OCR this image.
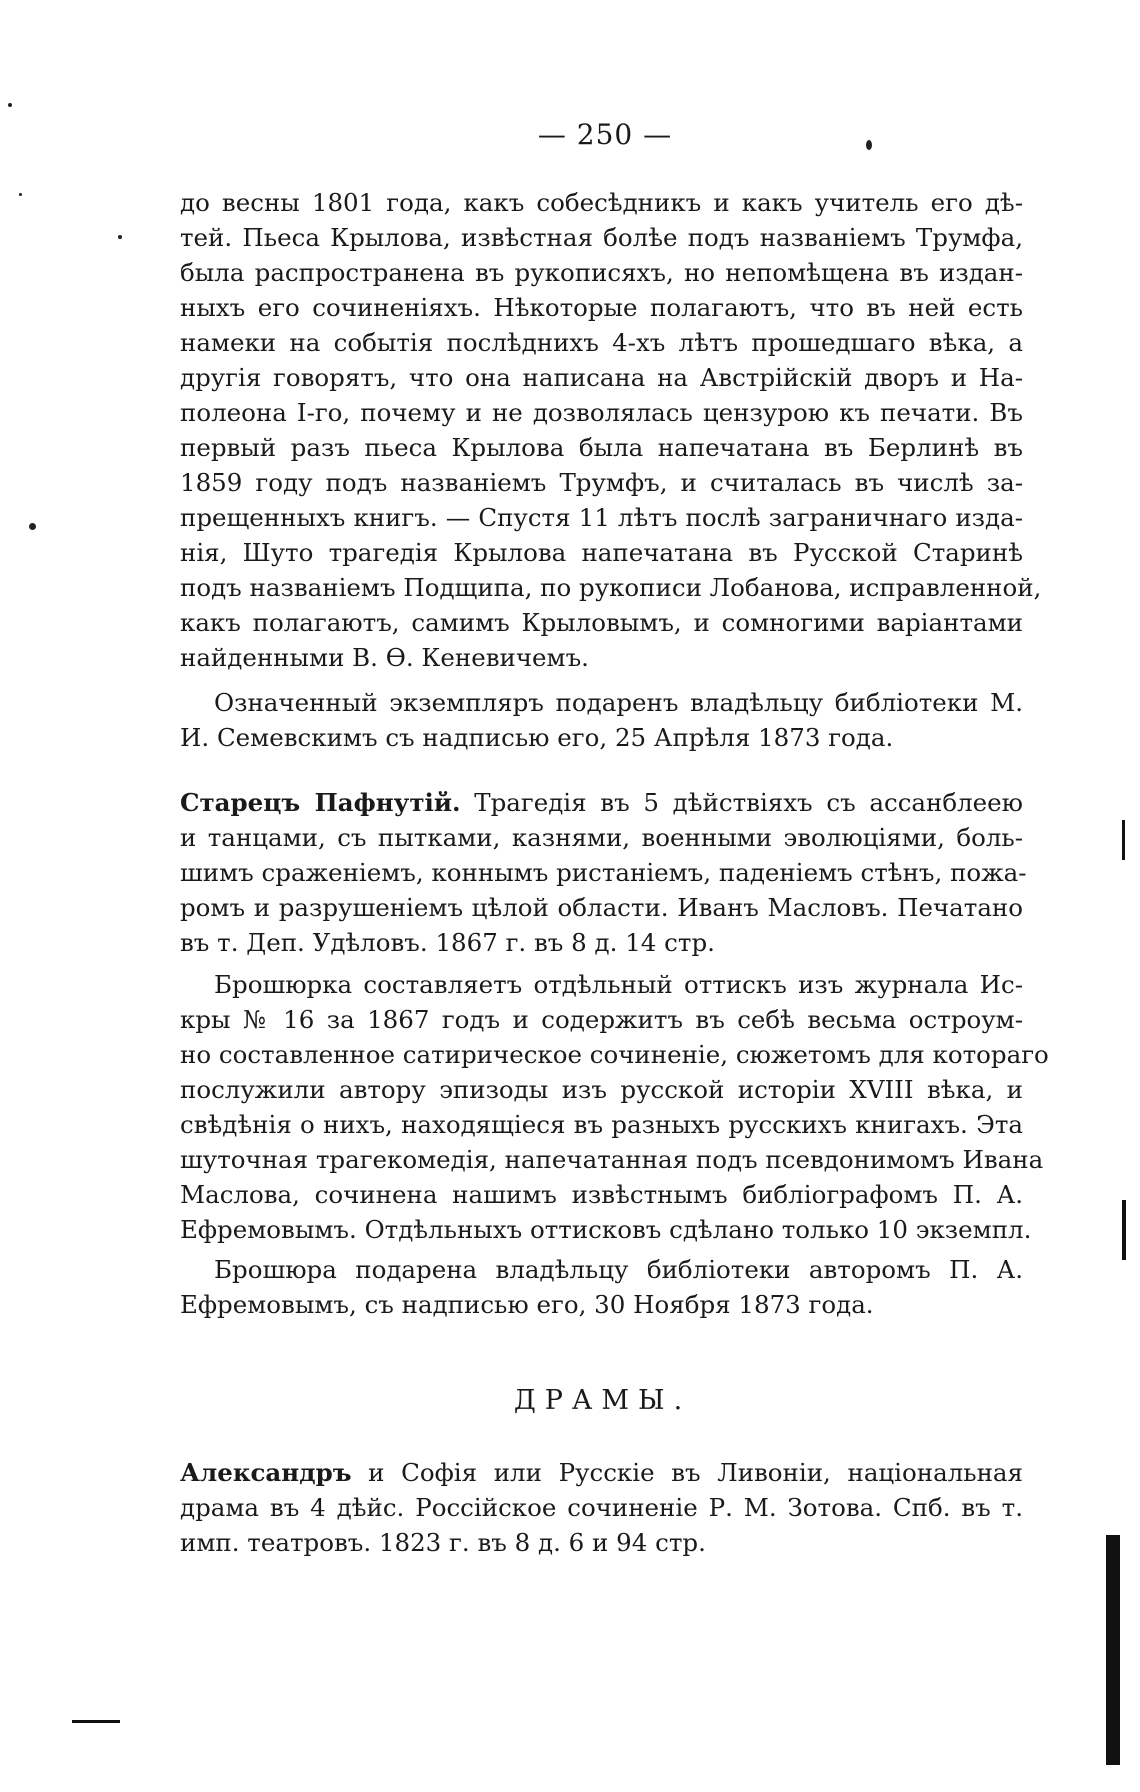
— 250 —
до весны 1801 года, какъ собесѣдникъ и какъ учитель его дѣ-
тей. Пьеса Крылова, извѣстная болѣе подъ названіемъ Трумфа,
была распространена въ рукописяхъ, но непомѣщена въ издан-
ныхъ его сочиненіяхъ. Нѣкоторые полагаютъ, что въ ней есть
намеки на событія послѣднихъ 4-хъ лѣтъ прошедшаго вѣка, а
другія говорятъ, что она написана на Австрійскій дворъ и На-
полеона I-го, почему и не дозволялась цензурою къ печати. Въ
первый разъ пьеса Крылова была напечатана въ Берлинѣ въ
1859 году подъ названіемъ Трумфъ, и считалась въ числѣ за-
прещенныхъ книгъ. — Спустя 11 лѣтъ послѣ заграничнаго изда-
нія, Шуто трагедія Крылова напечатана въ Русской Старинѣ
подъ названіемъ Подщипа, по рукописи Лобанова, исправленной,
какъ полагаютъ, самимъ Крыловымъ, и сомногими варіантами
найденными В. Ѳ. Кеневичемъ.
Означенный экземпляръ подаренъ владѣльцу библіотеки М.
И. Семевскимъ съ надписью его, 25 Апрѣля 1873 года.
Старецъ Пафнутій. Трагедія въ 5 дѣйствіяхъ съ ассанблеею
и танцами, съ пытками, казнями, военными эволюціями, боль-
шимъ сраженіемъ, коннымъ ристаніемъ, паденіемъ стѣнъ, пожа-
ромъ и разрушеніемъ цѣлой области. Иванъ Масловъ. Печатано
въ т. Деп. Удѣловъ. 1867 г. въ 8 д. 14 стр.
Брошюрка составляетъ отдѣльный оттискъ изъ журнала Ис-
кры № 16 за 1867 годъ и содержитъ въ себѣ весьма остроум-
но составленное сатирическое сочиненіе, сюжетомъ для котораго
послужили автору эпизоды изъ русской исторіи XVIII вѣка, и
свѣдѣнія о нихъ, находящіеся въ разныхъ русскихъ книгахъ. Эта
шуточная трагекомедія, напечатанная подъ псевдонимомъ Ивана
Маслова, сочинена нашимъ извѣстнымъ библіографомъ П. А.
Ефремовымъ. Отдѣльныхъ оттисковъ сдѣлано только 10 экземпл.
Брошюра подарена владѣльцу библіотеки авторомъ П. А.
Ефремовымъ, съ надписью его, 30 Ноября 1873 года.
ДРАМЫ.
Александръ и Софія или Русскіе въ Ливоніи, національная
драма въ 4 дѣйс. Россійское сочиненіе Р. М. Зотова. Спб. въ т.
имп. театровъ. 1823 г. въ 8 д. 6 и 94 стр.
